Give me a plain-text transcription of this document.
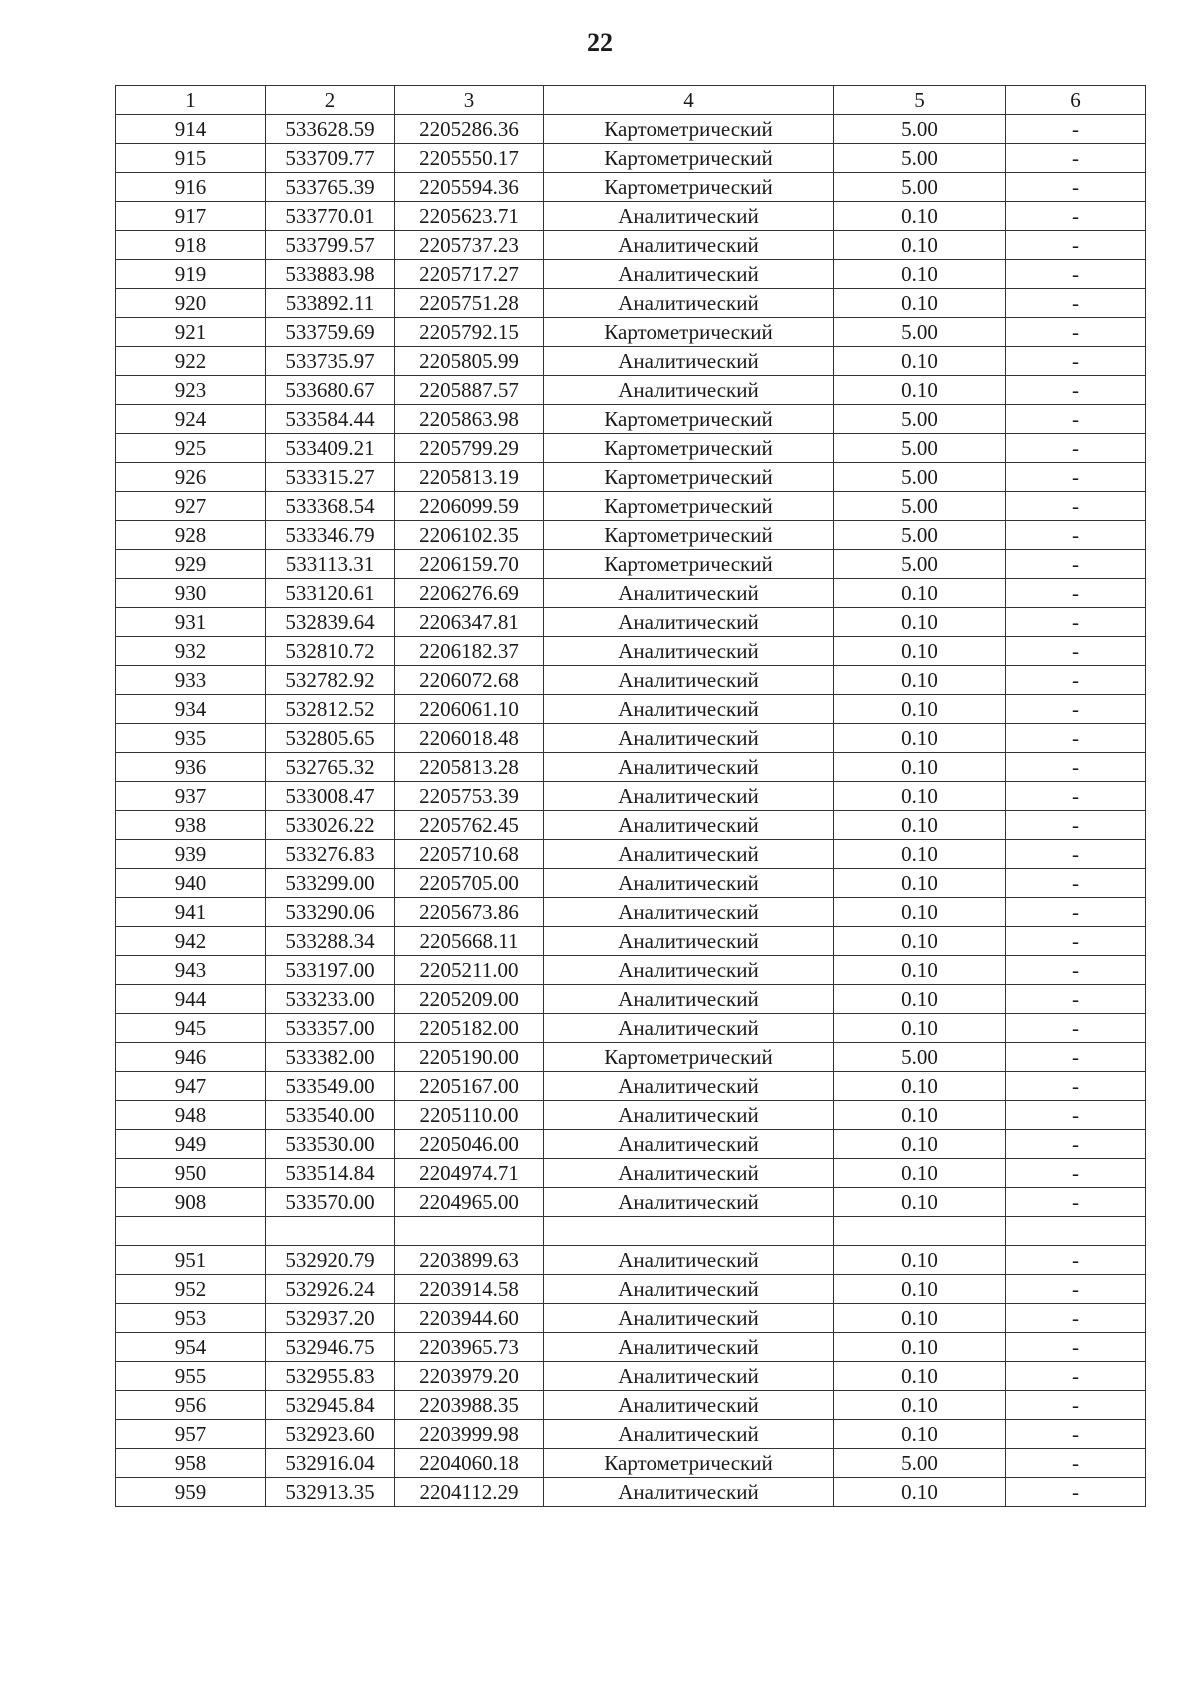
22
1	2	3	4	5	6
914	533628.59	2205286.36	Картометрический	5.00	-
915	533709.77	2205550.17	Картометрический	5.00	-
916	533765.39	2205594.36	Картометрический	5.00	-
917	533770.01	2205623.71	Аналитический	0.10	-
918	533799.57	2205737.23	Аналитический	0.10	-
919	533883.98	2205717.27	Аналитический	0.10	-
920	533892.11	2205751.28	Аналитический	0.10	-
921	533759.69	2205792.15	Картометрический	5.00	-
922	533735.97	2205805.99	Аналитический	0.10	-
923	533680.67	2205887.57	Аналитический	0.10	-
924	533584.44	2205863.98	Картометрический	5.00	-
925	533409.21	2205799.29	Картометрический	5.00	-
926	533315.27	2205813.19	Картометрический	5.00	-
927	533368.54	2206099.59	Картометрический	5.00	-
928	533346.79	2206102.35	Картометрический	5.00	-
929	533113.31	2206159.70	Картометрический	5.00	-
930	533120.61	2206276.69	Аналитический	0.10	-
931	532839.64	2206347.81	Аналитический	0.10	-
932	532810.72	2206182.37	Аналитический	0.10	-
933	532782.92	2206072.68	Аналитический	0.10	-
934	532812.52	2206061.10	Аналитический	0.10	-
935	532805.65	2206018.48	Аналитический	0.10	-
936	532765.32	2205813.28	Аналитический	0.10	-
937	533008.47	2205753.39	Аналитический	0.10	-
938	533026.22	2205762.45	Аналитический	0.10	-
939	533276.83	2205710.68	Аналитический	0.10	-
940	533299.00	2205705.00	Аналитический	0.10	-
941	533290.06	2205673.86	Аналитический	0.10	-
942	533288.34	2205668.11	Аналитический	0.10	-
943	533197.00	2205211.00	Аналитический	0.10	-
944	533233.00	2205209.00	Аналитический	0.10	-
945	533357.00	2205182.00	Аналитический	0.10	-
946	533382.00	2205190.00	Картометрический	5.00	-
947	533549.00	2205167.00	Аналитический	0.10	-
948	533540.00	2205110.00	Аналитический	0.10	-
949	533530.00	2205046.00	Аналитический	0.10	-
950	533514.84	2204974.71	Аналитический	0.10	-
908	533570.00	2204965.00	Аналитический	0.10	-

951	532920.79	2203899.63	Аналитический	0.10	-
952	532926.24	2203914.58	Аналитический	0.10	-
953	532937.20	2203944.60	Аналитический	0.10	-
954	532946.75	2203965.73	Аналитический	0.10	-
955	532955.83	2203979.20	Аналитический	0.10	-
956	532945.84	2203988.35	Аналитический	0.10	-
957	532923.60	2203999.98	Аналитический	0.10	-
958	532916.04	2204060.18	Картометрический	5.00	-
959	532913.35	2204112.29	Аналитический	0.10	-
